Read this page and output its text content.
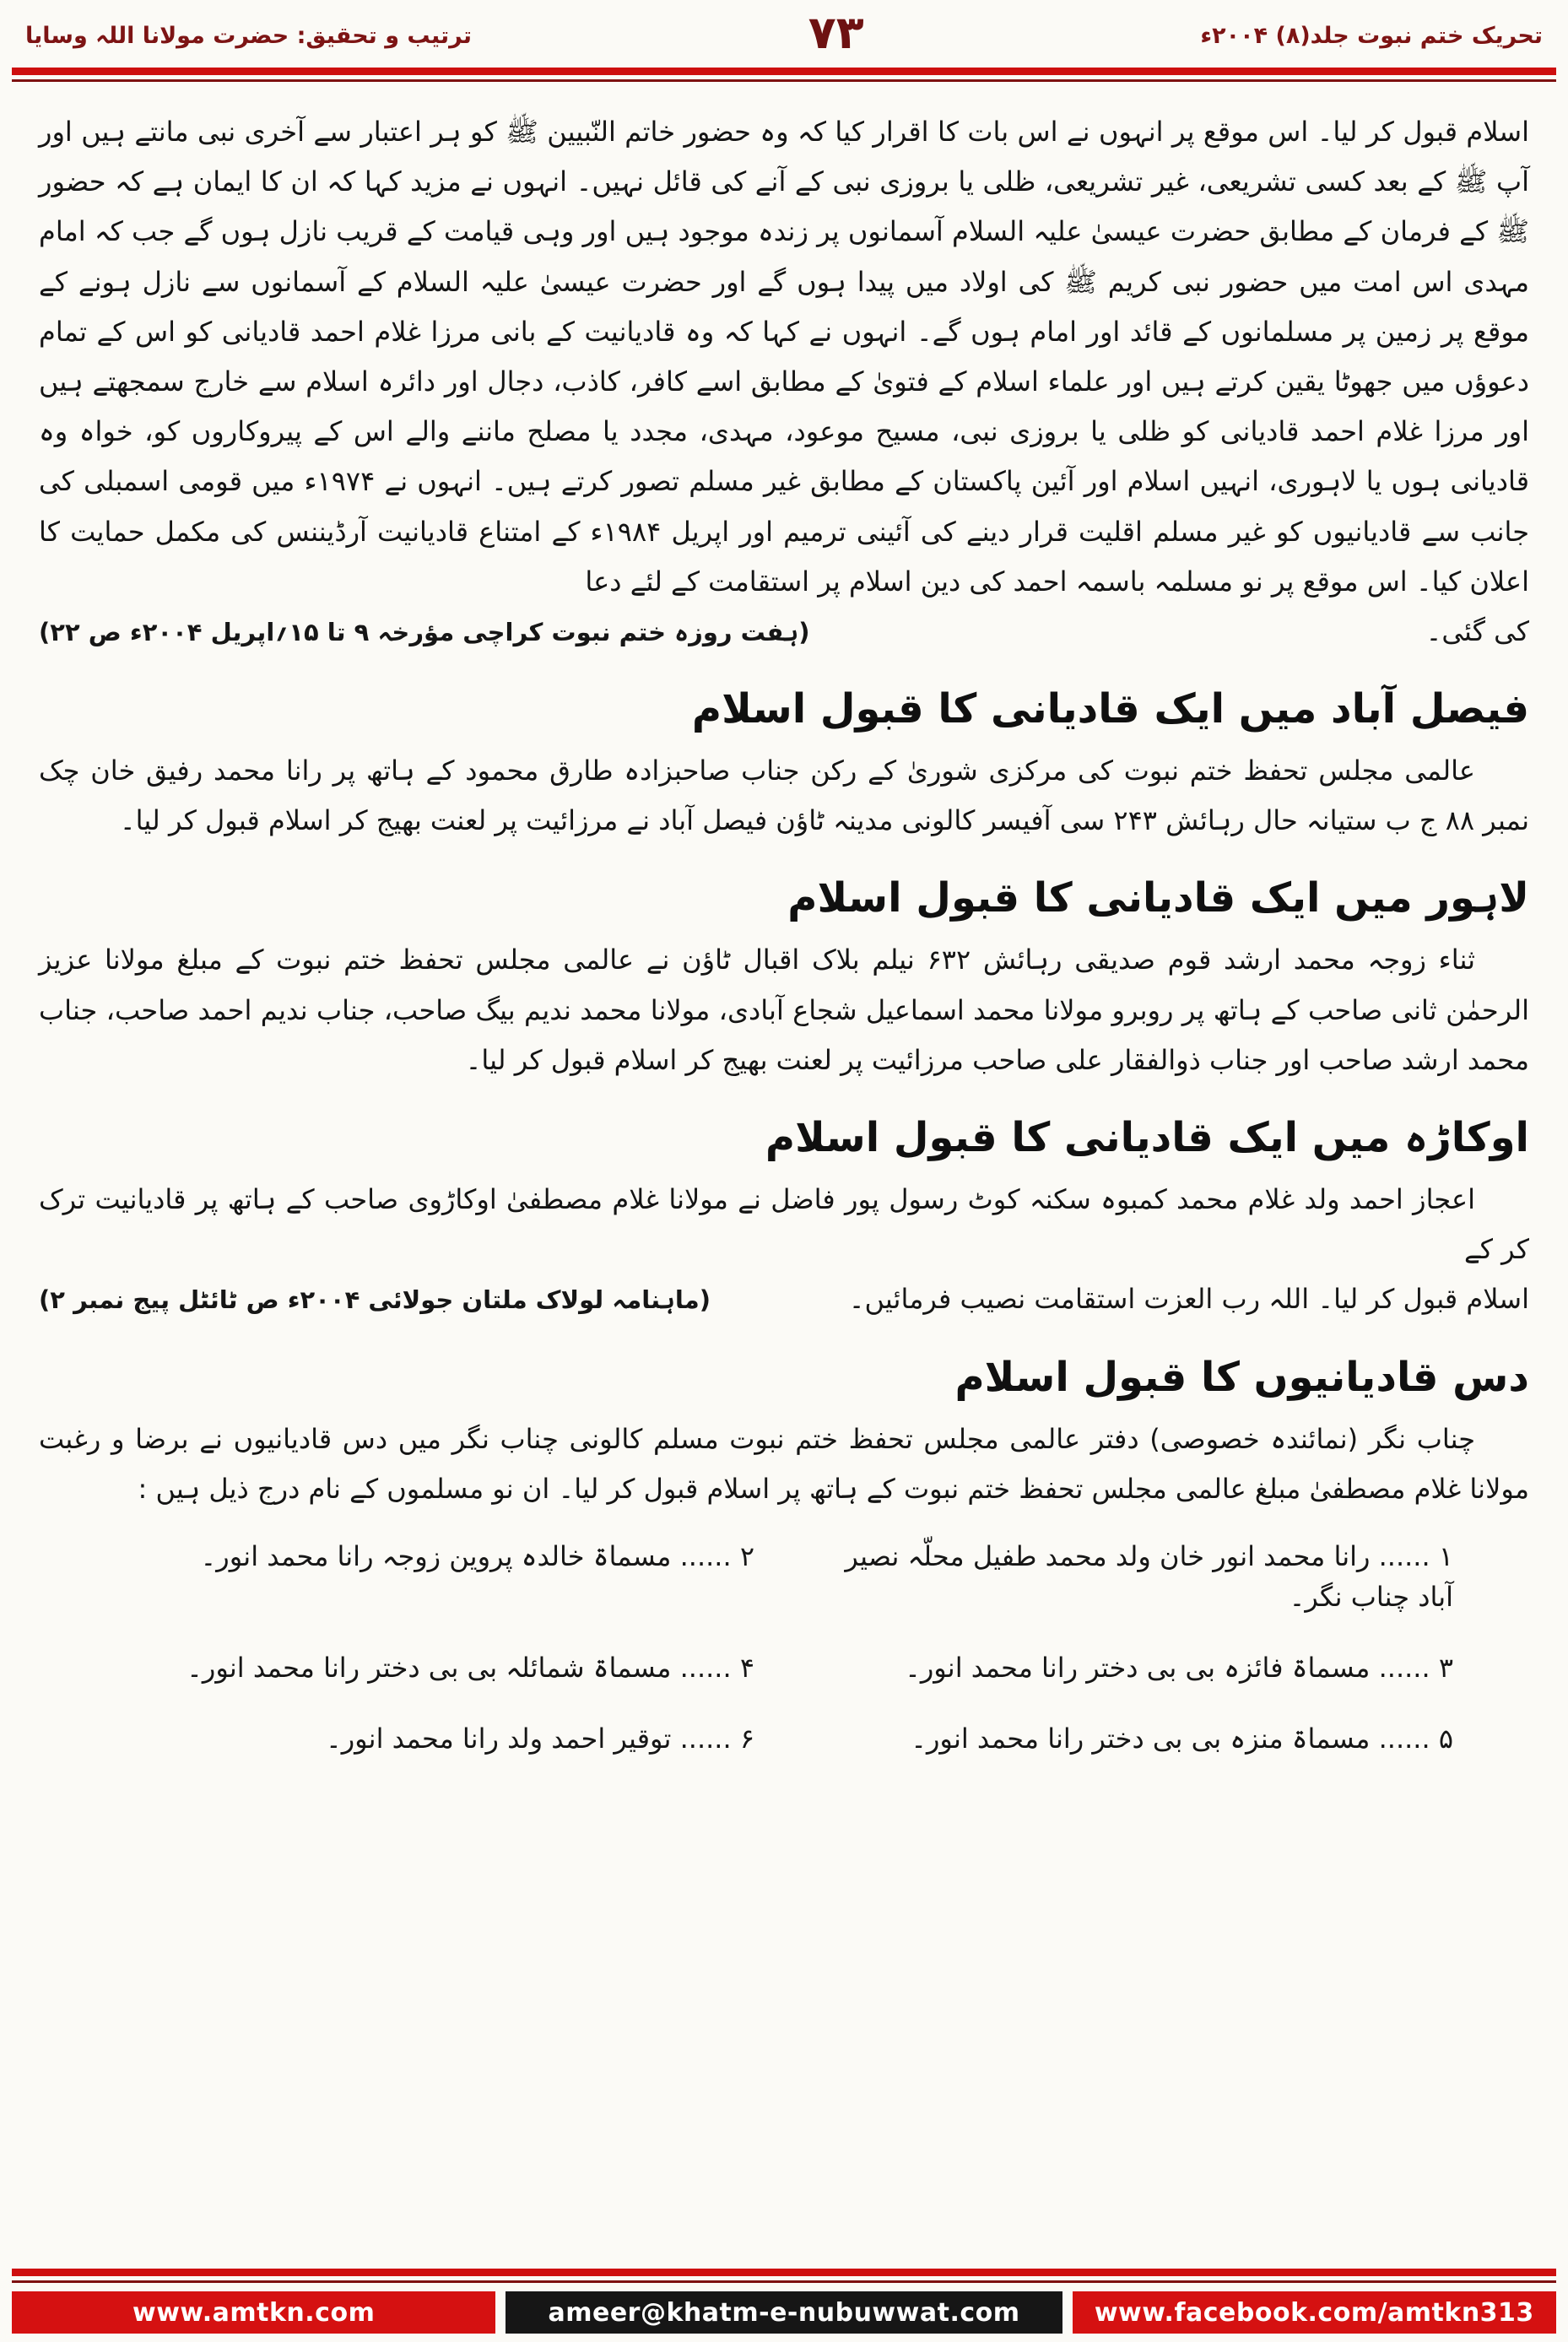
تحریک ختم نبوت جلد(۸) ۲۰۰۴ء
۷۳
ترتیب و تحقیق: حضرت مولانا اللہ وسایا

اسلام قبول کر لیا۔ اس موقع پر انہوں نے اس بات کا اقرار کیا کہ وہ حضور خاتم النّبیین ﷺ کو ہر اعتبار سے آخری نبی مانتے ہیں اور آپ ﷺ کے بعد کسی تشریعی، غیر تشریعی، ظلی یا بروزی نبی کے آنے کی قائل نہیں۔ انہوں نے مزید کہا کہ ان کا ایمان ہے کہ حضور ﷺ کے فرمان کے مطابق حضرت عیسیٰ علیہ السلام آسمانوں پر زندہ موجود ہیں اور وہی قیامت کے قریب نازل ہوں گے جب کہ امام مہدی اس امت میں حضور نبی کریم ﷺ کی اولاد میں پیدا ہوں گے اور حضرت عیسیٰ علیہ السلام کے آسمانوں سے نازل ہونے کے موقع پر زمین پر مسلمانوں کے قائد اور امام ہوں گے۔ انہوں نے کہا کہ وہ قادیانیت کے بانی مرزا غلام احمد قادیانی کو اس کے تمام دعوؤں میں جھوٹا یقین کرتے ہیں اور علماء اسلام کے فتویٰ کے مطابق اسے کافر، کاذب، دجال اور دائرہ اسلام سے خارج سمجھتے ہیں اور مرزا غلام احمد قادیانی کو ظلی یا بروزی نبی، مسیح موعود، مہدی، مجدد یا مصلح ماننے والے اس کے پیروکاروں کو، خواہ وہ قادیانی ہوں یا لاہوری، انہیں اسلام اور آئین پاکستان کے مطابق غیر مسلم تصور کرتے ہیں۔ انہوں نے ۱۹۷۴ء میں قومی اسمبلی کی جانب سے قادیانیوں کو غیر مسلم اقلیت قرار دینے کی آئینی ترمیم اور اپریل ۱۹۸۴ء کے امتناع قادیانیت آرڈیننس کی مکمل حمایت کا اعلان کیا۔ اس موقع پر نو مسلمہ باسمہ احمد کی دین اسلام پر استقامت کے لئے دعا

کی گئی۔
(ہفت روزہ ختم نبوت کراچی مؤرخہ ۹ تا ۱۵؍اپریل ۲۰۰۴ء ص ۲۲)
فیصل آباد میں ایک قادیانی کا قبول اسلام

عالمی مجلس تحفظ ختم نبوت کی مرکزی شوریٰ کے رکن جناب صاحبزادہ طارق محمود کے ہاتھ پر رانا محمد رفیق خان چک نمبر ۸۸ ج ب ستیانہ حال رہائش ۲۴۳ سی آفیسر کالونی مدینہ ٹاؤن فیصل آباد نے مرزائیت پر لعنت بھیج کر اسلام قبول کر لیا۔

لاہور میں ایک قادیانی کا قبول اسلام

ثناء زوجہ محمد ارشد قوم صدیقی رہائش ۶۳۲ نیلم بلاک اقبال ٹاؤن نے عالمی مجلس تحفظ ختم نبوت کے مبلغ مولانا عزیز الرحمٰن ثانی صاحب کے ہاتھ پر روبرو مولانا محمد اسماعیل شجاع آبادی، مولانا محمد ندیم بیگ صاحب، جناب ندیم احمد صاحب، جناب محمد ارشد صاحب اور جناب ذوالفقار علی صاحب مرزائیت پر لعنت بھیج کر اسلام قبول کر لیا۔

اوکاڑہ میں ایک قادیانی کا قبول اسلام

اعجاز احمد ولد غلام محمد کمبوہ سکنہ کوٹ رسول پور فاضل نے مولانا غلام مصطفیٰ اوکاڑوی صاحب کے ہاتھ پر قادیانیت ترک کر کے

اسلام قبول کر لیا۔ اللہ رب العزت استقامت نصیب فرمائیں۔
(ماہنامہ لولاک ملتان جولائی ۲۰۰۴ء ص ٹائٹل پیج نمبر ۲)
دس قادیانیوں کا قبول اسلام

چناب نگر (نمائندہ خصوصی) دفتر عالمی مجلس تحفظ ختم نبوت مسلم کالونی چناب نگر میں دس قادیانیوں نے برضا و رغبت مولانا غلام مصطفیٰ مبلغ عالمی مجلس تحفظ ختم نبوت کے ہاتھ پر اسلام قبول کر لیا۔ ان نو مسلموں کے نام درج ذیل ہیں :

۱ ...... رانا محمد انور خان ولد محمد طفیل محلّہ نصیر آباد چناب نگر۔
۲ ...... مسماۃ خالدہ پروین زوجہ رانا محمد انور۔
۳ ...... مسماۃ فائزہ بی بی دختر رانا محمد انور۔
۴ ...... مسماۃ شمائلہ بی بی دختر رانا محمد انور۔
۵ ...... مسماۃ منزہ بی بی دختر رانا محمد انور۔
۶ ...... توقیر احمد ولد رانا محمد انور۔
www.amtkn.com	ameer@khatm-e-nubuwwat.com	www.facebook.com/amtkn313
